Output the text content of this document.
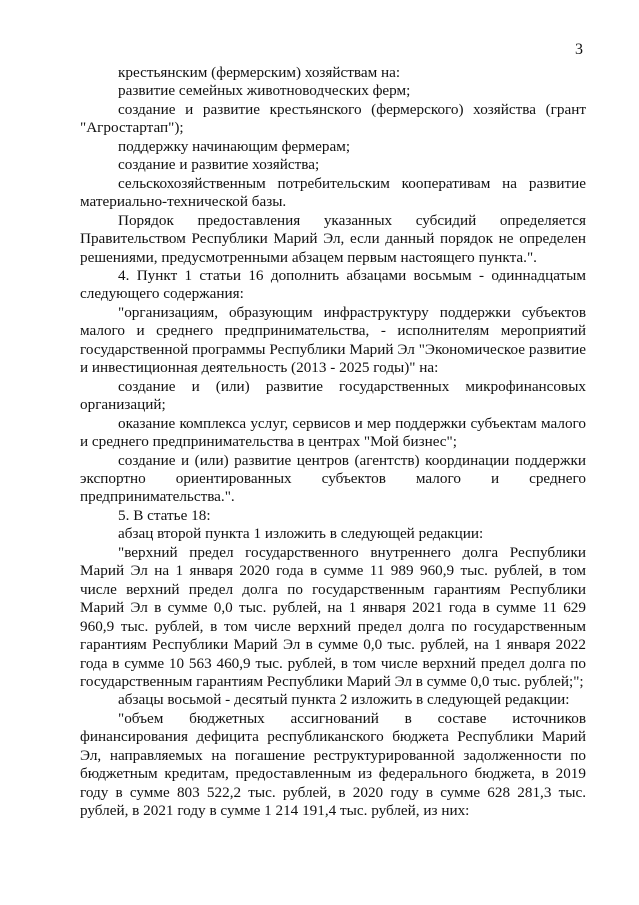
3

крестьянским (фермерским) хозяйствам на:

развитие семейных животноводческих ферм;

создание и развитие крестьянского (фермерского) хозяйства (грант "Агростартап");

поддержку начинающим фермерам;

создание и развитие хозяйства;

сельскохозяйственным потребительским кооперативам на развитие материально-технической базы.

Порядок предоставления указанных субсидий определяется Правительством Республики Марий Эл, если данный порядок не определен решениями, предусмотренными абзацем первым настоящего пункта.".

4. Пункт 1 статьи 16 дополнить абзацами восьмым - одиннадцатым следующего содержания:

"организациям, образующим инфраструктуру поддержки субъектов малого и среднего предпринимательства, - исполнителям мероприятий государственной программы Республики Марий Эл "Экономическое развитие и инвестиционная деятельность (2013 - 2025 годы)" на:

создание и (или) развитие государственных микрофинансовых организаций;

оказание комплекса услуг, сервисов и мер поддержки субъектам малого и среднего предпринимательства в центрах "Мой бизнес";

создание и (или) развитие центров (агентств) координации поддержки экспортно ориентированных субъектов малого и среднего предпринимательства.".

5. В статье 18:

абзац второй пункта 1 изложить в следующей редакции:

"верхний предел государственного внутреннего долга Республики Марий Эл на 1 января 2020 года в сумме 11 989 960,9 тыс. рублей, в том числе верхний предел долга по государственным гарантиям Республики Марий Эл в сумме 0,0 тыс. рублей, на 1 января 2021 года в сумме 11 629 960,9 тыс. рублей, в том числе верхний предел долга по государственным гарантиям Республики Марий Эл в сумме 0,0 тыс. рублей, на 1 января 2022 года в сумме 10 563 460,9 тыс. рублей, в том числе верхний предел долга по государственным гарантиям Республики Марий Эл в сумме 0,0 тыс. рублей;";

абзацы восьмой - десятый пункта 2 изложить в следующей редакции:

"объем бюджетных ассигнований в составе источников финансирования дефицита республиканского бюджета Республики Марий Эл, направляемых на погашение реструктурированной задолженности по бюджетным кредитам, предоставленным из федерального бюджета, в 2019 году в сумме 803 522,2 тыс. рублей, в 2020 году в сумме 628 281,3 тыс. рублей, в 2021 году в сумме 1 214 191,4 тыс. рублей, из них:
